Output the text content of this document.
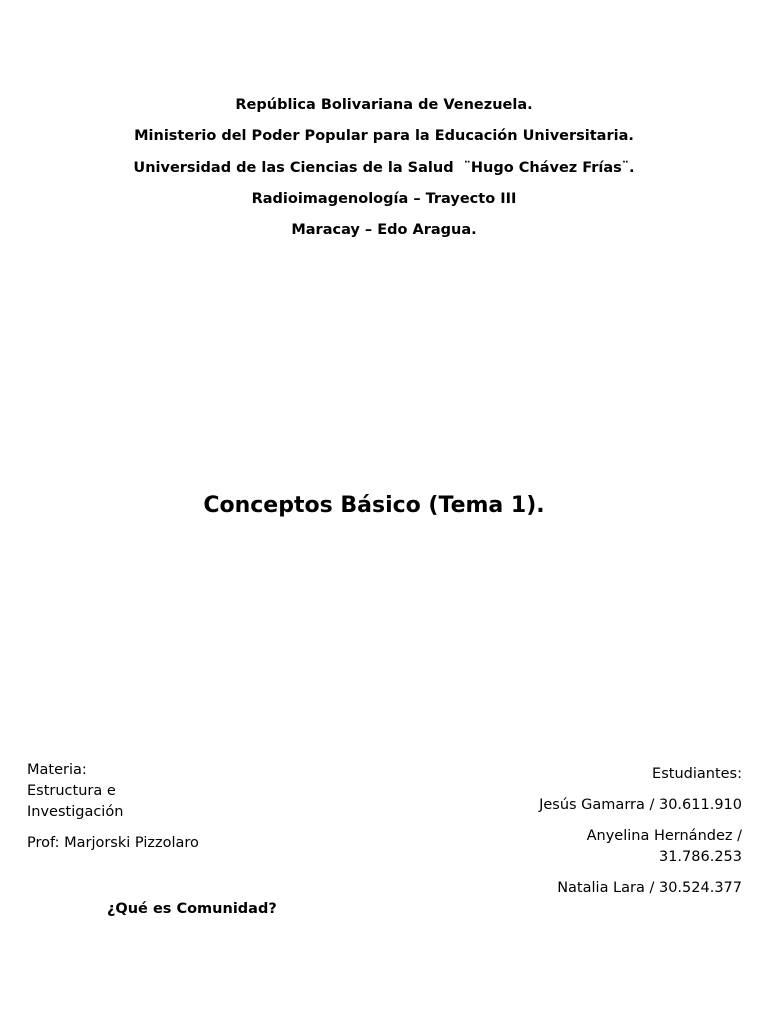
República Bolivariana de Venezuela.
Ministerio del Poder Popular para la Educación Universitaria.
Universidad de las Ciencias de la Salud  ¨Hugo Chávez Frías¨.
Radioimagenología – Trayecto III
Maracay – Edo Aragua.
Conceptos Básico (Tema 1).
Materia:
Estructura e
Investigación
Prof: Marjorski Pizzolaro
Estudiantes:
Jesús Gamarra / 30.611.910
Anyelina Hernández /
31.786.253
Natalia Lara / 30.524.377
¿Qué es Comunidad?
